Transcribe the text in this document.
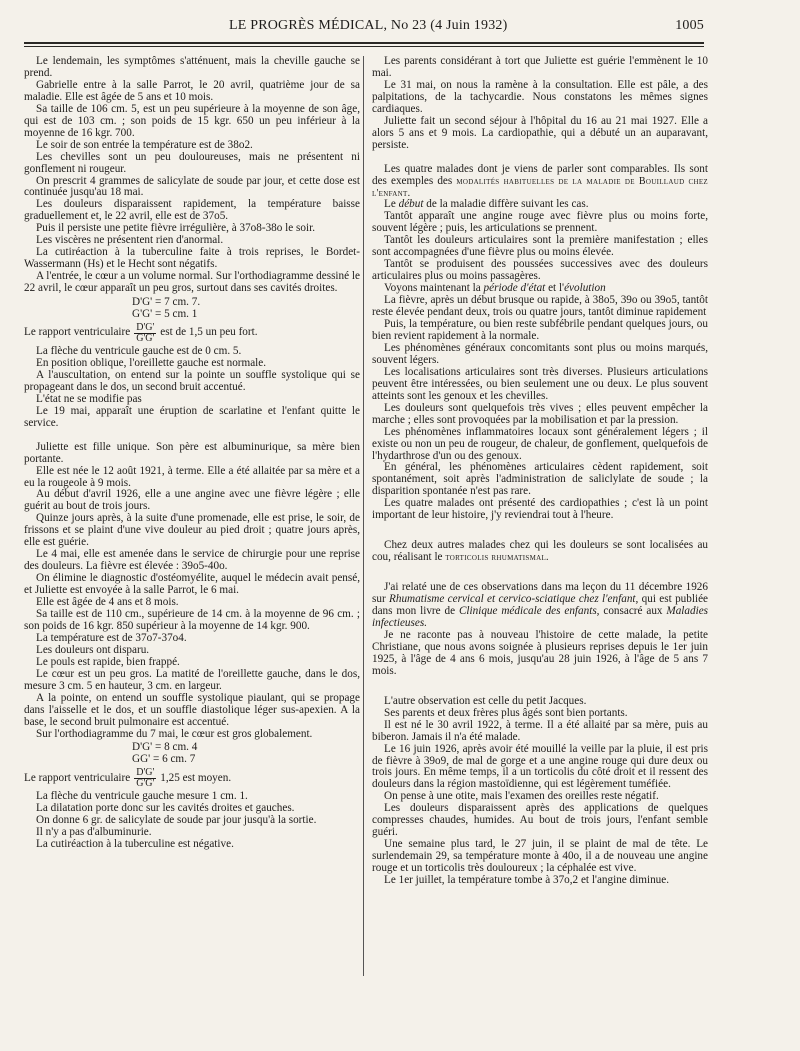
LE PROGRÈS MÉDICAL, No 23 (4 Juin 1932)	1005

Le lendemain, les symptômes s'atténuent, mais la cheville gauche se prend.

Gabrielle entre à la salle Parrot, le 20 avril, quatrième jour de sa maladie. Elle est âgée de 5 ans et 10 mois.

Sa taille de 106 cm. 5, est un peu supérieure à la moyenne de son âge, qui est de 103 cm. ; son poids de 15 kgr. 650 un peu inférieur à la moyenne de 16 kgr. 700.

Le soir de son entrée la température est de 38o2.

Les chevilles sont un peu douloureuses, mais ne présentent ni gonflement ni rougeur.

On prescrit 4 grammes de salicylate de soude par jour, et cette dose est continuée jusqu'au 18 mai.

Les douleurs disparaissent rapidement, la température baisse graduellement et, le 22 avril, elle est de 37o5.

Puis il persiste une petite fièvre irrégulière, à 37o8-38o le soir.

Les viscères ne présentent rien d'anormal.

La cutiréaction à la tuberculine faite à trois reprises, le Bordet-Wassermann (Hs) et le Hecht sont négatifs.

A l'entrée, le cœur a un volume normal. Sur l'orthodiagramme dessiné le 22 avril, le cœur apparaît un peu gros, surtout dans ses cavités droites.

D'G' = 7 cm. 7.
G'G' = 5 cm. 1
Le rapport ventriculaire $\frac{D'G'}{G'G'}$ est de 1,5 un peu fort.

La flèche du ventricule gauche est de 0 cm. 5.

En position oblique, l'oreillette gauche est normale.

A l'auscultation, on entend sur la pointe un souffle systolique qui se propageant dans le dos, un second bruit accentué.

L'état ne se modifie pas

Le 19 mai, apparaît une éruption de scarlatine et l'enfant quitte le service.

Juliette est fille unique. Son père est albuminurique, sa mère bien portante.

Elle est née le 12 août 1921, à terme. Elle a été allaitée par sa mère et a eu la rougeole à 9 mois.

Au début d'avril 1926, elle a une angine avec une fièvre légère ; elle guérit au bout de trois jours.

Quinze jours après, à la suite d'une promenade, elle est prise, le soir, de frissons et se plaint d'une vive douleur au pied droit ; quatre jours après, elle est guérie.

Le 4 mai, elle est amenée dans le service de chirurgie pour une reprise des douleurs. La fièvre est élevée : 39o5-40o.

On élimine le diagnostic d'ostéomyélite, auquel le médecin avait pensé, et Juliette est envoyée à la salle Parrot, le 6 mai.

Elle est âgée de 4 ans et 8 mois.

Sa taille est de 110 cm., supérieure de 14 cm. à la moyenne de 96 cm. ; son poids de 16 kgr. 850 supérieur à la moyenne de 14 kgr. 900.

La température est de 37o7-37o4.

Les douleurs ont disparu.

Le pouls est rapide, bien frappé.

Le cœur est un peu gros. La matité de l'oreillette gauche, dans le dos, mesure 3 cm. 5 en hauteur, 3 cm. en largeur.

A la pointe, on entend un souffle systolique piaulant, qui se propage dans l'aisselle et le dos, et un souffle diastolique léger sus-apexien. A la base, le second bruit pulmonaire est accentué.

Sur l'orthodiagramme du 7 mai, le cœur est gros globalement.

D'G' = 8 cm. 4
GG' = 6 cm. 7
Le rapport ventriculaire $\frac{D'G'}{G'G'} 1,25$ est moyen.

La flèche du ventricule gauche mesure 1 cm. 1.

La dilatation porte donc sur les cavités droites et gauches.

On donne 6 gr. de salicylate de soude par jour jusqu'à la sortie.

Il n'y a pas d'albuminurie.

La cutiréaction à la tuberculine est négative.

Les parents considérant à tort que Juliette est guérie l'emmènent le 10 mai.

Le 31 mai, on nous la ramène à la consultation. Elle est pâle, a des palpitations, de la tachycardie. Nous constatons les mêmes signes cardiaques.

Juliette fait un second séjour à l'hôpital du 16 au 21 mai 1927. Elle a alors 5 ans et 9 mois. La cardiopathie, qui a débuté un an auparavant, persiste.

Les quatre malades dont je viens de parler sont comparables. Ils sont des exemples des modalités habituelles de la maladie de Bouillaud chez l'enfant.

Le début de la maladie diffère suivant les cas.

Tantôt apparaît une angine rouge avec fièvre plus ou moins forte, souvent légère ; puis, les articulations se prennent.

Tantôt les douleurs articulaires sont la première manifestation ; elles sont accompagnées d'une fièvre plus ou moins élevée.

Tantôt se produisent des poussées successives avec des douleurs articulaires plus ou moins passagères.

Voyons maintenant la période d'état et l'évolution

La fièvre, après un début brusque ou rapide, à 38o5, 39o ou 39o5, tantôt reste élevée pendant deux, trois ou quatre jours, tantôt diminue rapidement

Puis, la température, ou bien reste subfébrile pendant quelques jours, ou bien revient rapidement à la normale.

Les phénomènes généraux concomitants sont plus ou moins marqués, souvent légers.

Les localisations articulaires sont très diverses. Plusieurs articulations peuvent être intéressées, ou bien seulement une ou deux. Le plus souvent atteints sont les genoux et les chevilles.

Les douleurs sont quelquefois très vives ; elles peuvent empêcher la marche ; elles sont provoquées par la mobilisation et par la pression.

Les phénomènes inflammatoires locaux sont généralement légers ; il existe ou non un peu de rougeur, de chaleur, de gonflement, quelquefois de l'hydarthrose d'un ou des genoux.

En général, les phénomènes articulaires cèdent rapidement, soit spontanément, soit après l'administration de saliclylate de soude ; la disparition spontanée n'est pas rare.

Les quatre malades ont présenté des cardiopathies ; c'est là un point important de leur histoire, j'y reviendrai tout à l'heure.

Chez deux autres malades chez qui les douleurs se sont localisées au cou, réalisant le torticolis rhumatismal.

J'ai relaté une de ces observations dans ma leçon du 11 décembre 1926 sur Rhumatisme cervical et cervico-sciatique chez l'enfant, qui est publiée dans mon livre de Clinique médicale des enfants, consacré aux Maladies infectieuses.

Je ne raconte pas à nouveau l'histoire de cette malade, la petite Christiane, que nous avons soignée à plusieurs reprises depuis le 1er juin 1925, à l'âge de 4 ans 6 mois, jusqu'au 28 juin 1926, à l'âge de 5 ans 7 mois.

L'autre observation est celle du petit Jacques.

Ses parents et deux frères plus âgés sont bien portants.

Il est né le 30 avril 1922, à terme. Il a été allaité par sa mère, puis au biberon. Jamais il n'a été malade.

Le 16 juin 1926, après avoir été mouillé la veille par la pluie, il est pris de fièvre à 39o9, de mal de gorge et a une angine rouge qui dure deux ou trois jours. En même temps, il a un torticolis du côté droit et il ressent des douleurs dans la région mastoïdienne, qui est légèrement tuméfiée.

On pense à une otite, mais l'examen des oreilles reste négatif.

Les douleurs disparaissent après des applications de quelques compresses chaudes, humides. Au bout de trois jours, l'enfant semble guéri.

Une semaine plus tard, le 27 juin, il se plaint de mal de tête. Le surlendemain 29, sa température monte à 40o, il a de nouveau une angine rouge et un torticolis très douloureux ; la céphalée est vive.

Le 1er juillet, la température tombe à 37o,2 et l'angine diminue.
